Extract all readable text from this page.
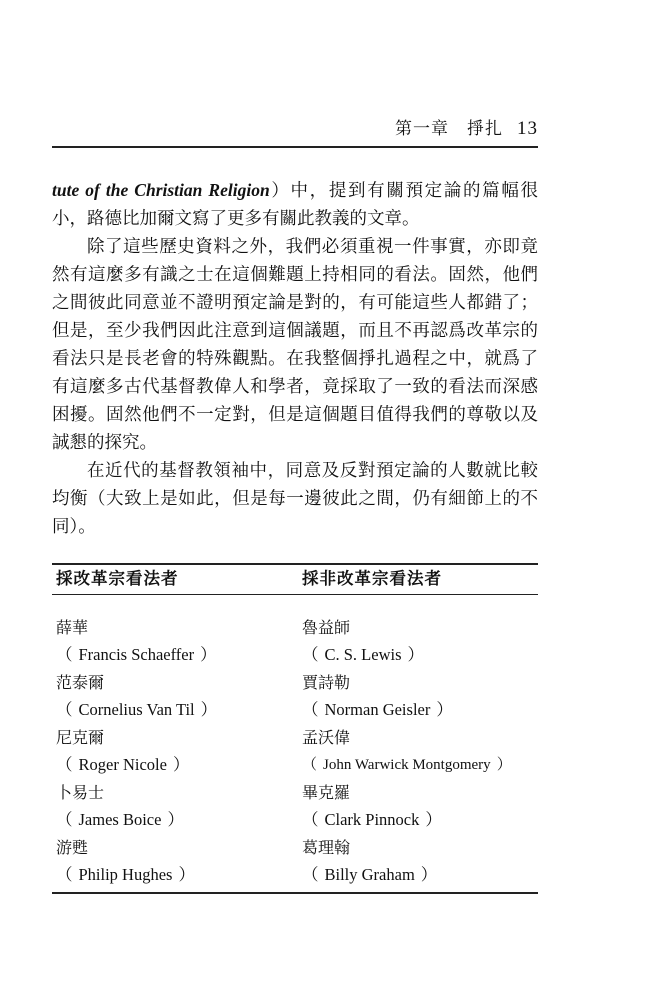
第一章　掙扎 13

tute of the Christian Religion）中，提到有關預定論的篇幅很小，路德比加爾文寫了更多有關此教義的文章。

除了這些歷史資料之外，我們必須重視一件事實，亦即竟然有這麼多有識之士在這個難題上持相同的看法。固然，他們之間彼此同意並不證明預定論是對的，有可能這些人都錯了；但是，至少我們因此注意到這個議題，而且不再認爲改革宗的看法只是長老會的特殊觀點。在我整個掙扎過程之中，就爲了有這麼多古代基督教偉人和學者，竟採取了一致的看法而深感困擾。固然他們不一定對，但是這個題目值得我們的尊敬以及誠懇的探究。

在近代的基督教領袖中，同意及反對預定論的人數就比較均衡（大致上是如此，但是每一邊彼此之間，仍有細節上的不同）。

採改革宗看法者
薛華
（ Francis Schaeffer ）
范泰爾
（ Cornelius Van Til ）
尼克爾
（ Roger Nicole ）
卜易士
（ James Boice ）
游甦
（ Philip Hughes ）
採非改革宗看法者
魯益師
（ C. S. Lewis ）
賈詩勒
（ Norman Geisler ）
孟沃偉
（ John Warwick Montgomery ）
畢克羅
（ Clark Pinnock ）
葛理翰
（ Billy Graham ）
